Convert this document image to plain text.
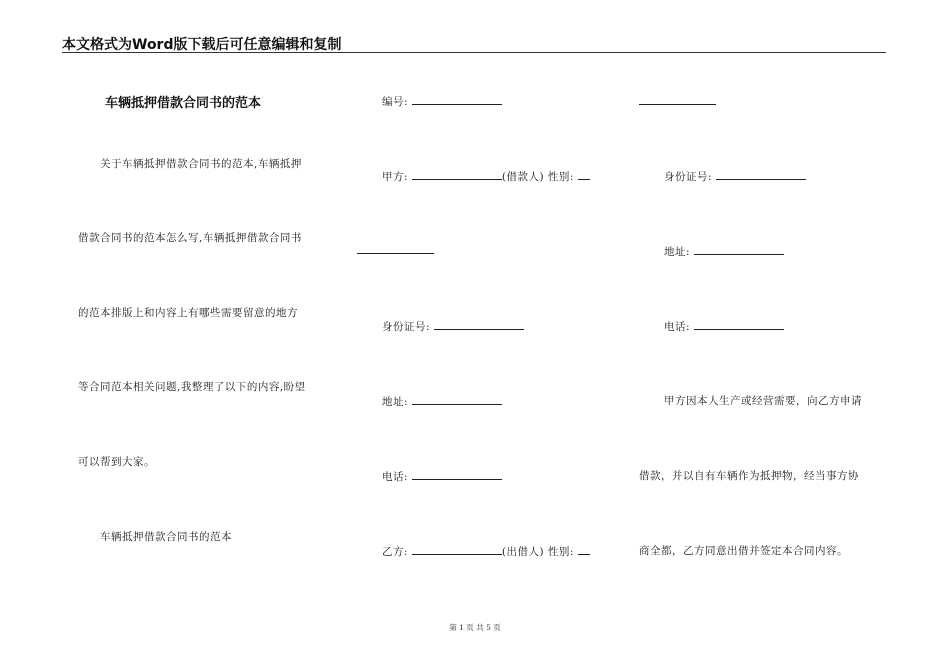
本文格式为Word版下载后可任意编辑和复制
车辆抵押借款合同书的范本
关于车辆抵押借款合同书的范本,车辆抵押
借款合同书的范本怎么写,车辆抵押借款合同书
的范本排版上和内容上有哪些需要留意的地方
等合同范本相关问题,我整理了以下的内容,盼望
可以帮到大家。
车辆抵押借款合同书的范本
编号:
甲方:	(借款人) 性别:
身份证号:
地址:
电话:
乙方:	(出借人) 性别:
身份证号:
地址:
电话:
甲方因本人生产或经营需要，向乙方申请
借款，并以自有车辆作为抵押物，经当事方协
商全都，乙方同意出借并签定本合同内容。
第 1 页 共 5 页
